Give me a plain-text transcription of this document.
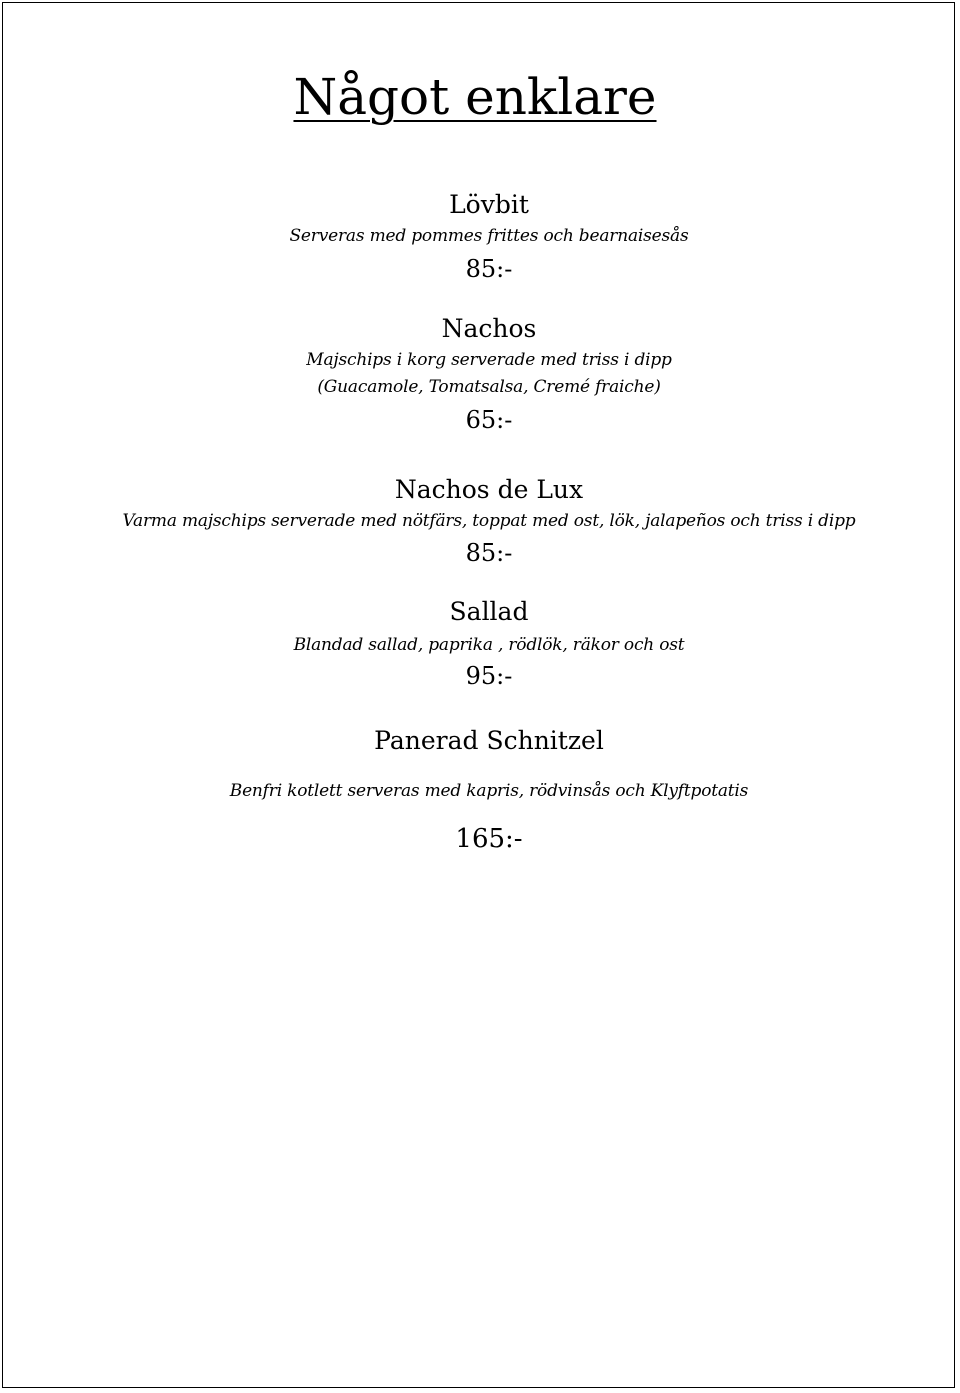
Något enklare
Lövbit
Serveras med pommes frittes och bearnaisesås
85:-
Nachos
Majschips i korg serverade med triss i dipp
(Guacamole, Tomatsalsa, Cremé fraiche)
65:-
Nachos de Lux
Varma majschips serverade med nötfärs, toppat med ost, lök, jalapeños och triss i dipp
85:-
Sallad
Blandad sallad, paprika , rödlök, räkor och ost
95:-
Panerad Schnitzel
Benfri kotlett serveras med kapris, rödvinsås och Klyftpotatis
165:-
